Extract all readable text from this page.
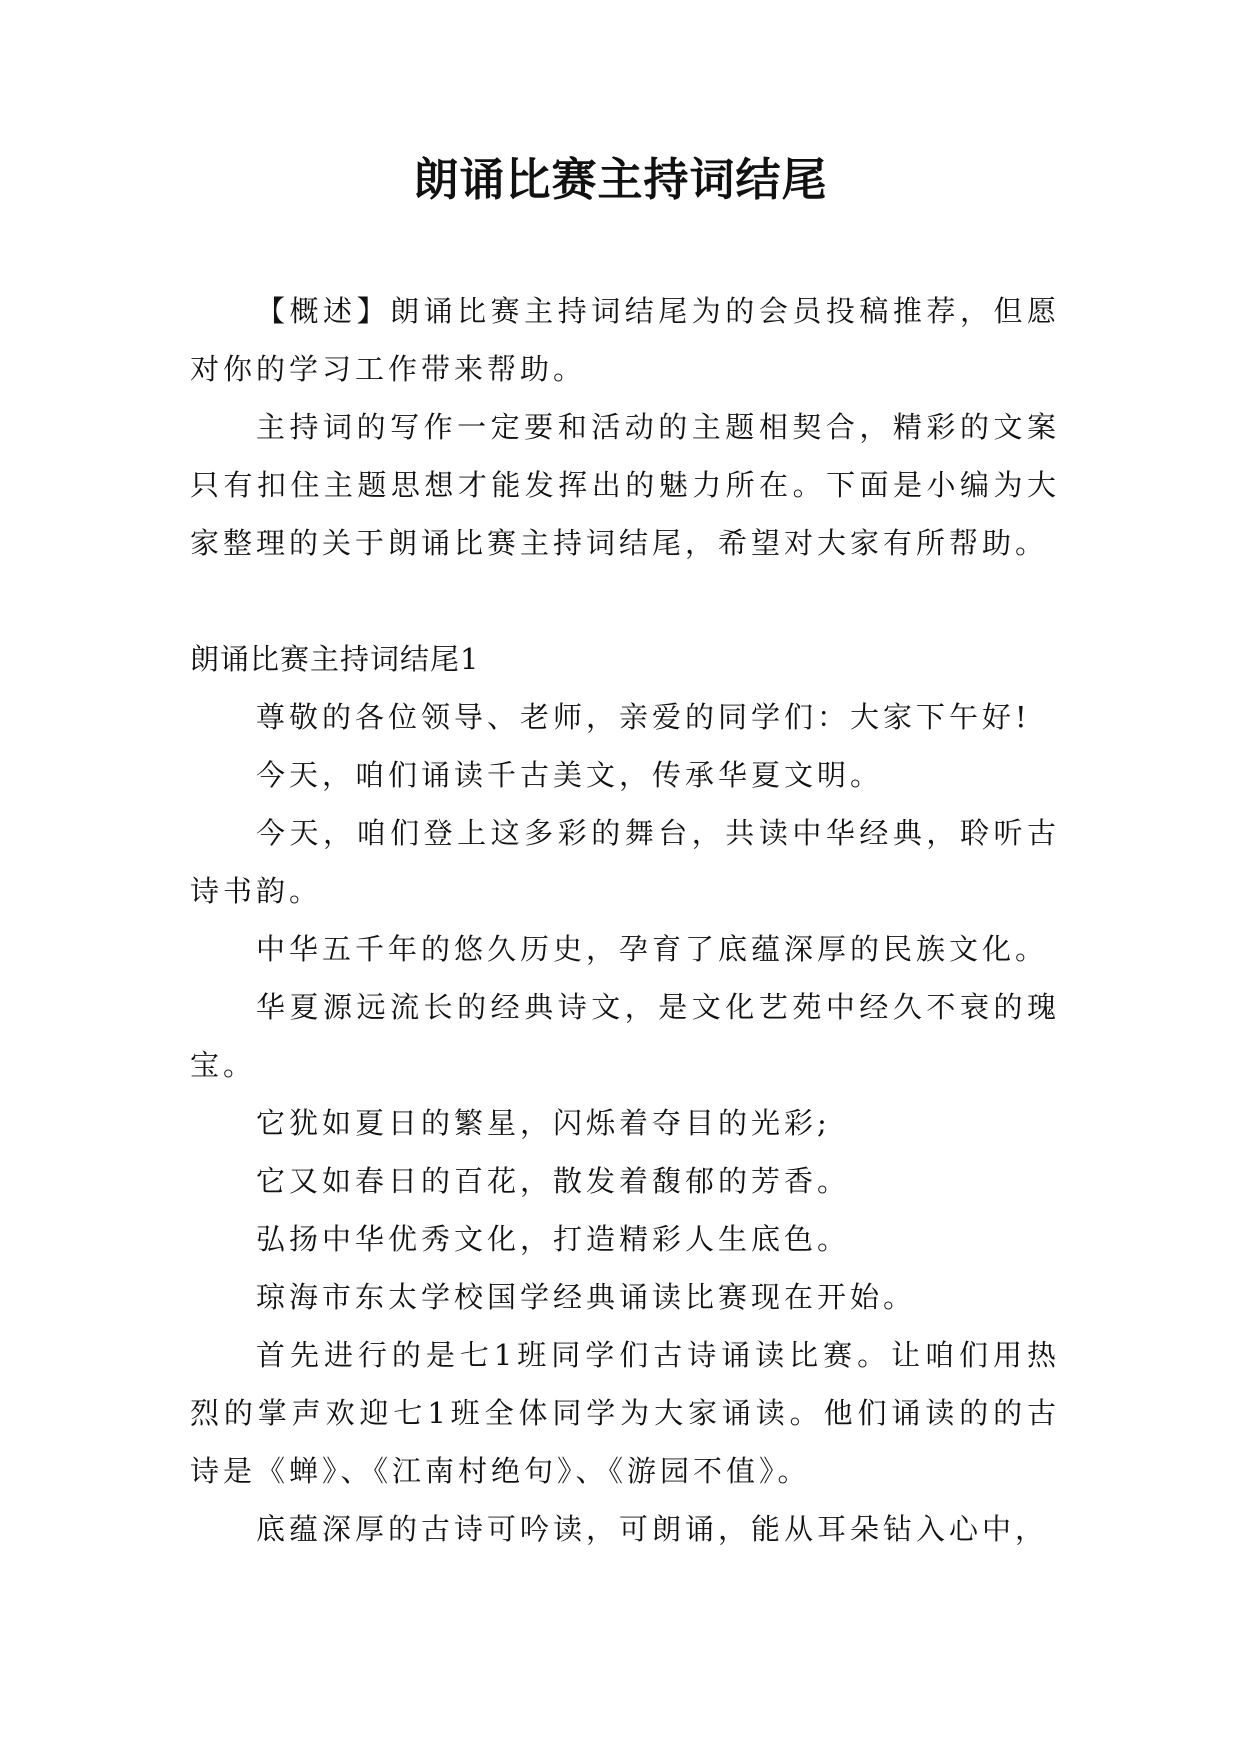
朗诵比赛主持词结尾

【概述】朗诵比赛主持词结尾为的会员投稿推荐，但愿对你的学习工作带来帮助。

主持词的写作一定要和活动的主题相契合，精彩的文案只有扣住主题思想才能发挥出的魅力所在。下面是小编为大家整理的关于朗诵比赛主持词结尾，希望对大家有所帮助。

朗诵比赛主持词结尾1

尊敬的各位领导、老师，亲爱的同学们：大家下午好!

今天，咱们诵读千古美文，传承华夏文明。

今天，咱们登上这多彩的舞台，共读中华经典，聆听古诗书韵。

中华五千年的悠久历史，孕育了底蕴深厚的民族文化。

华夏源远流长的经典诗文，是文化艺苑中经久不衰的瑰宝。

它犹如夏日的繁星，闪烁着夺目的光彩;

它又如春日的百花，散发着馥郁的芳香。

弘扬中华优秀文化，打造精彩人生底色。

琼海市东太学校国学经典诵读比赛现在开始。

首先进行的是七1班同学们古诗诵读比赛。让咱们用热烈的掌声欢迎七1班全体同学为大家诵读。他们诵读的的古诗是《蝉》、《江南村绝句》、《游园不值》。

底蕴深厚的古诗可吟读，可朗诵，能从耳朵钻入心中，
